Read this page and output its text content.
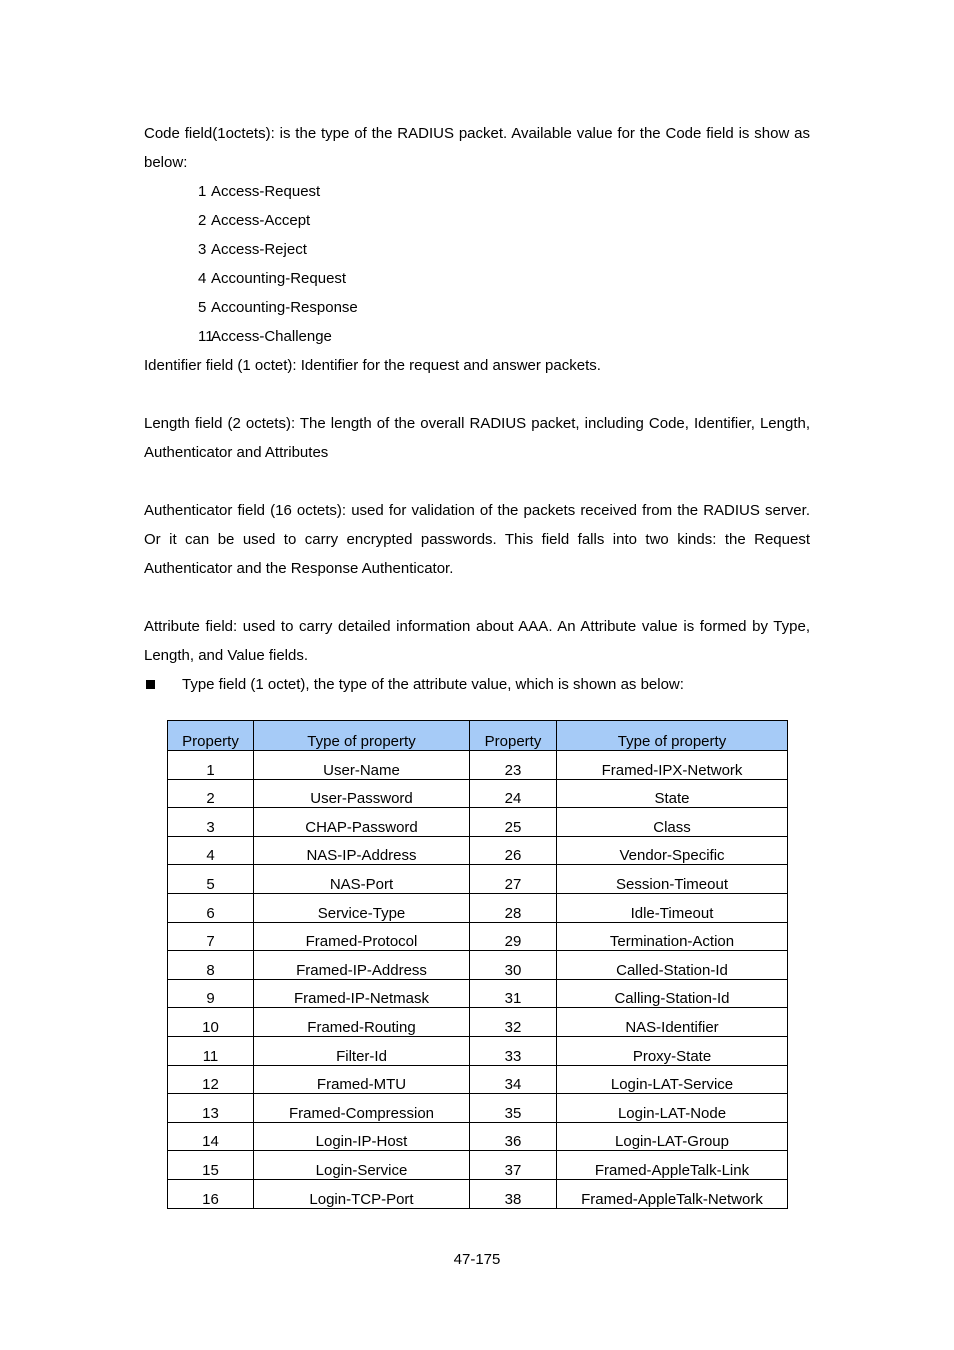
Code field(1octets): is the type of the RADIUS packet. Available value for the Code field is show as below:

1 Access-Request
2 Access-Accept
3 Access-Reject
4 Accounting-Request
5 Accounting-Response
11
Access-Challenge

Identifier field (1 octet): Identifier for the request and answer packets.

Length field (2 octets): The length of the overall RADIUS packet, including Code, Identifier, Length, Authenticator and Attributes

Authenticator field (16 octets): used for validation of the packets received from the RADIUS server. Or it can be used to carry encrypted passwords. This field falls into two kinds: the Request Authenticator and the Response Authenticator.

Attribute field: used to carry detailed information about AAA. An Attribute value is formed by Type, Length, and Value fields.

Type field (1 octet), the type of the attribute value, which is shown as below:
Property	Type of property	Property	Type of property
1	User-Name	23	Framed-IPX-Network
2	User-Password	24	State
3	CHAP-Password	25	Class
4	NAS-IP-Address	26	Vendor-Specific
5	NAS-Port	27	Session-Timeout
6	Service-Type	28	Idle-Timeout
7	Framed-Protocol	29	Termination-Action
8	Framed-IP-Address	30	Called-Station-Id
9	Framed-IP-Netmask	31	Calling-Station-Id
10	Framed-Routing	32	NAS-Identifier
11	Filter-Id	33	Proxy-State
12	Framed-MTU	34	Login-LAT-Service
13	Framed-Compression	35	Login-LAT-Node
14	Login-IP-Host	36	Login-LAT-Group
15	Login-Service	37	Framed-AppleTalk-Link
16	Login-TCP-Port	38	Framed-AppleTalk-Network
47-175
